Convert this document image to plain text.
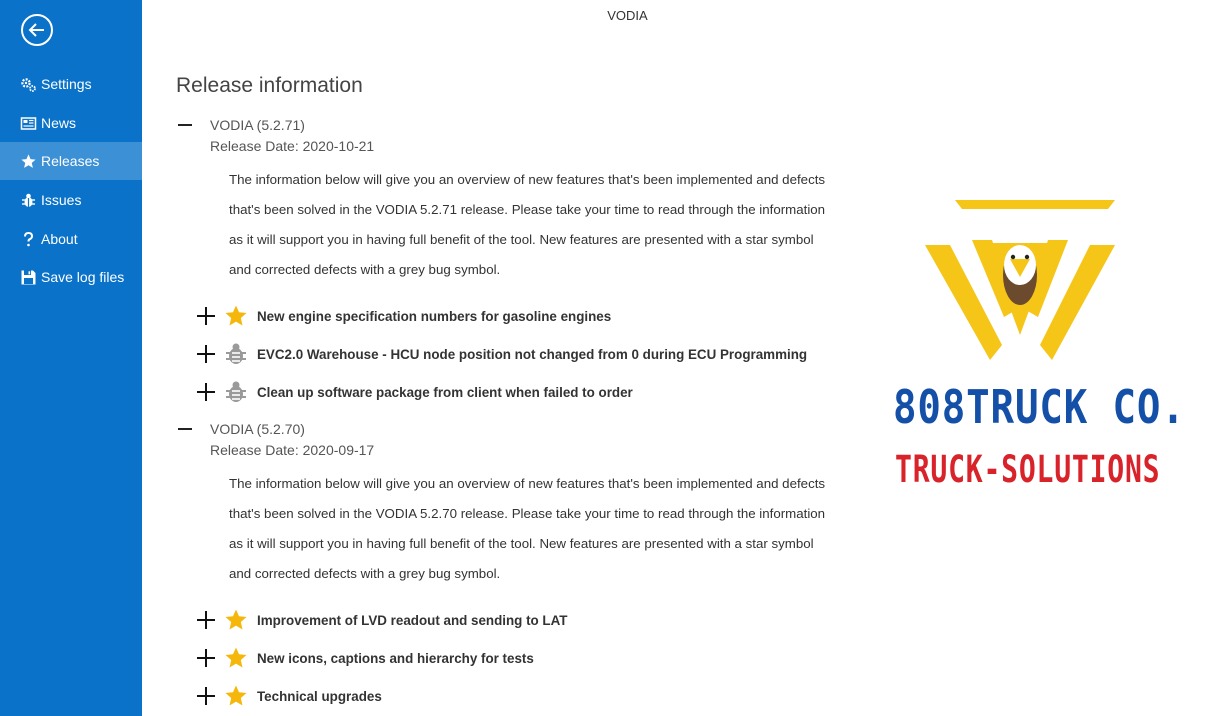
Settings
News
Releases
Issues
About
Save log files
VODIA
Release information
VODIA (5.2.71)
Release Date: 2020-10-21
The information below will give you an overview of new features that's been implemented and defects that's been solved in the VODIA 5.2.71 release. Please take your time to read through the information as it will support you in having full benefit of the tool. New features are presented with a star symbol and corrected defects with a grey bug symbol.
New engine specification numbers for gasoline engines
EVC2.0 Warehouse - HCU node position not changed from 0 during ECU Programming
Clean up software package from client when failed to order
VODIA (5.2.70)
Release Date: 2020-09-17
The information below will give you an overview of new features that's been implemented and defects that's been solved in the VODIA 5.2.70 release. Please take your time to read through the information as it will support you in having full benefit of the tool. New features are presented with a star symbol and corrected defects with a grey bug symbol.
Improvement of LVD readout and sending to LAT
New icons, captions and hierarchy for tests
Technical upgrades
808TRUCK CO.
TRUCK-SOLUTIONS
